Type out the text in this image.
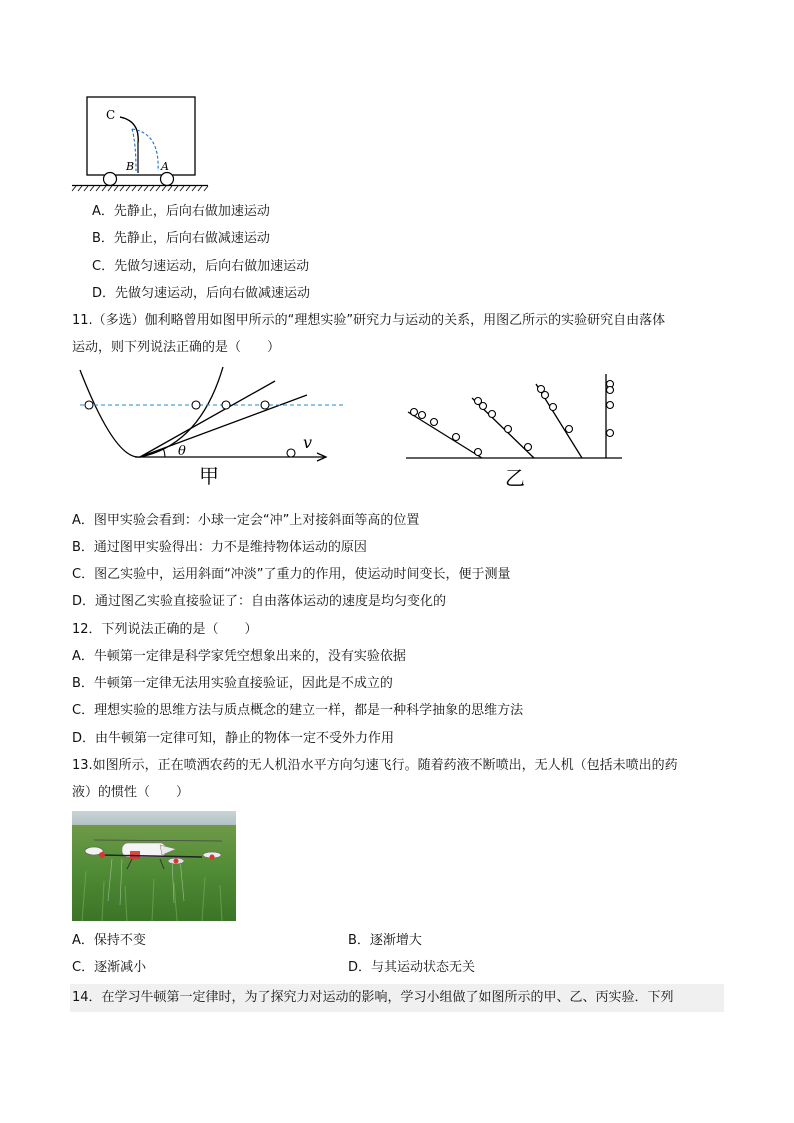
C
B A
A．先静止，后向右做加速运动
B．先静止，后向右做减速运动
C．先做匀速运动，后向右做加速运动
D．先做匀速运动，后向右做减速运动
11.（多选）伽利略曾用如图甲所示的“理想实验”研究力与运动的关系，用图乙所示的实验研究自由落体
运动，则下列说法正确的是（　　）
θ	v
甲	乙
A．图甲实验会看到：小球一定会“冲”上对接斜面等高的位置
B．通过图甲实验得出：力不是维持物体运动的原因
C．图乙实验中，运用斜面“冲淡”了重力的作用，使运动时间变长，便于测量
D．通过图乙实验直接验证了：自由落体运动的速度是均匀变化的
12．下列说法正确的是（　　）
A．牛顿第一定律是科学家凭空想象出来的，没有实验依据
B．牛顿第一定律无法用实验直接验证，因此是不成立的
C．理想实验的思维方法与质点概念的建立一样，都是一种科学抽象的思维方法
D．由牛顿第一定律可知，静止的物体一定不受外力作用
13.如图所示，正在喷洒农药的无人机沿水平方向匀速飞行。随着药液不断喷出，无人机（包括未喷出的药
液）的惯性（　　）
A．保持不变	B．逐渐增大
C．逐渐减小	D．与其运动状态无关
14．在学习牛顿第一定律时，为了探究力对运动的影响，学习小组做了如图所示的甲、乙、丙实验．下列
